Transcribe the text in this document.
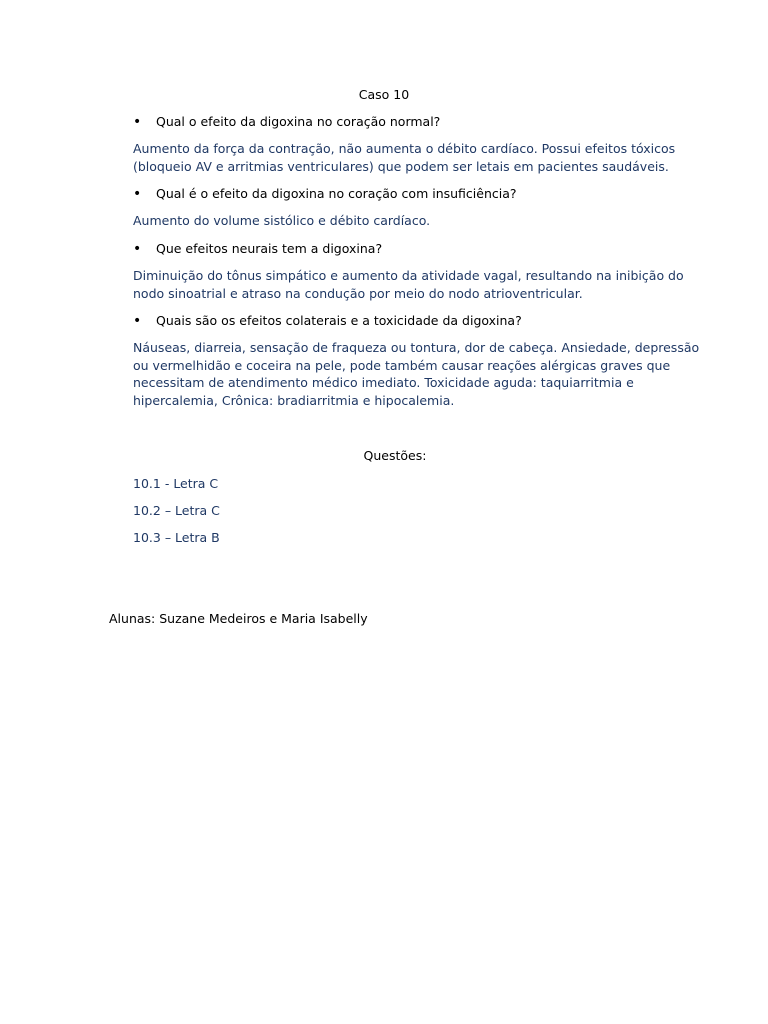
Caso 10
•	Qual o efeito da digoxina no coração normal?
Aumento da força da contração, não aumenta o débito cardíaco. Possui efeitos tóxicos
(bloqueio AV e arritmias ventriculares) que podem ser letais em pacientes saudáveis.
•	Qual é o efeito da digoxina no coração com insuficiência?
Aumento do volume sistólico e débito cardíaco.
•	Que efeitos neurais tem a digoxina?
Diminuição do tônus simpático e aumento da atividade vagal, resultando na inibição do
nodo sinoatrial e atraso na condução por meio do nodo atrioventricular.
•	Quais são os efeitos colaterais e a toxicidade da digoxina?
Náuseas, diarreia, sensação de fraqueza ou tontura, dor de cabeça. Ansiedade, depressão
ou vermelhidão e coceira na pele, pode também causar reações alérgicas graves que
necessitam de atendimento médico imediato. Toxicidade aguda: taquiarritmia e
hipercalemia, Crônica: bradiarritmia e hipocalemia.
Questões:
10.1 - Letra C
10.2 – Letra C
10.3 – Letra B
Alunas: Suzane Medeiros e Maria Isabelly
